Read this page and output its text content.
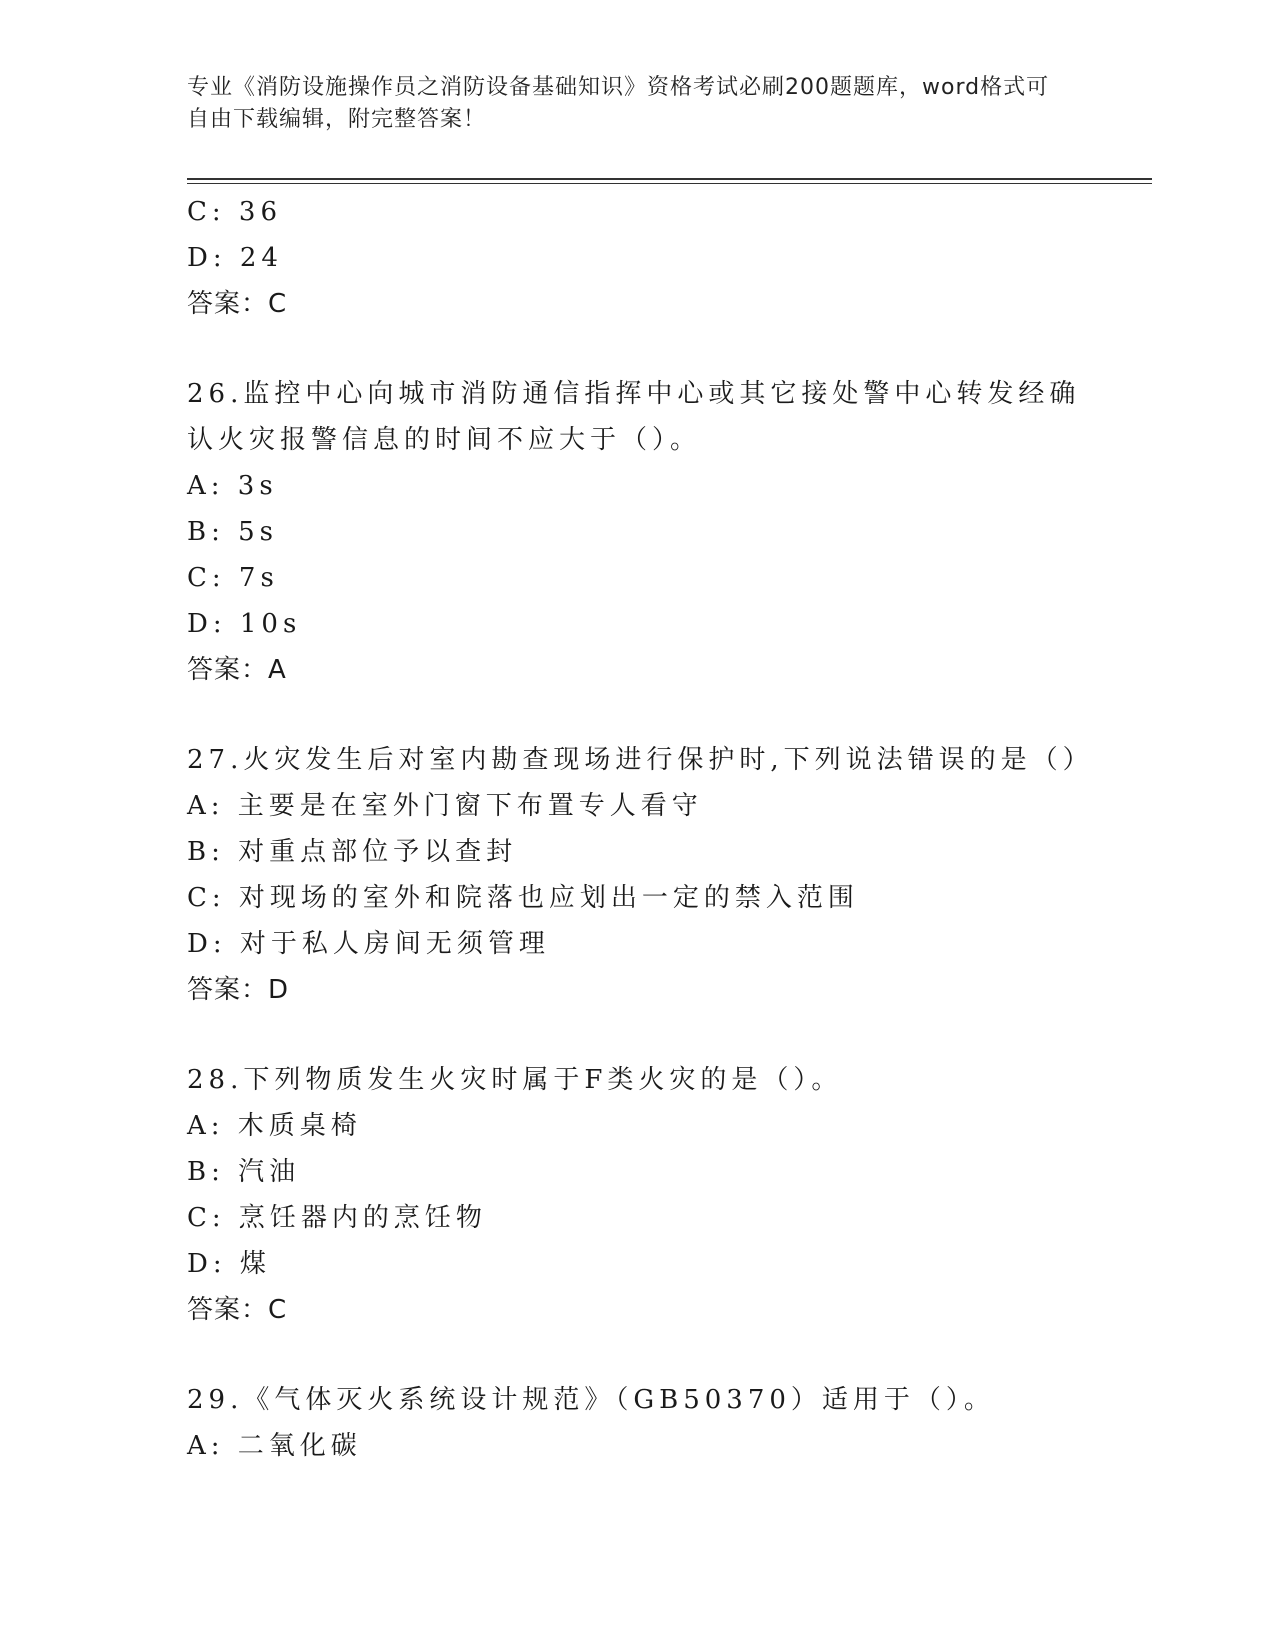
专业《消防设施操作员之消防设备基础知识》资格考试必刷200题题库，word格式可自由下载编辑，附完整答案！
C: 36
D: 24
答案：C
26.监控中心向城市消防通信指挥中心或其它接处警中心转发经确认火灾报警信息的时间不应大于（）。
A: 3s
B: 5s
C: 7s
D: 10s
答案：A
27.火灾发生后对室内勘查现场进行保护时,下列说法错误的是（）
A: 主要是在室外门窗下布置专人看守
B: 对重点部位予以查封
C: 对现场的室外和院落也应划出一定的禁入范围
D: 对于私人房间无须管理
答案：D
28.下列物质发生火灾时属于F类火灾的是（）。
A: 木质桌椅
B: 汽油
C: 烹饪器内的烹饪物
D: 煤
答案：C
29.《气体灭火系统设计规范》（GB50370）适用于（）。
A: 二氧化碳
